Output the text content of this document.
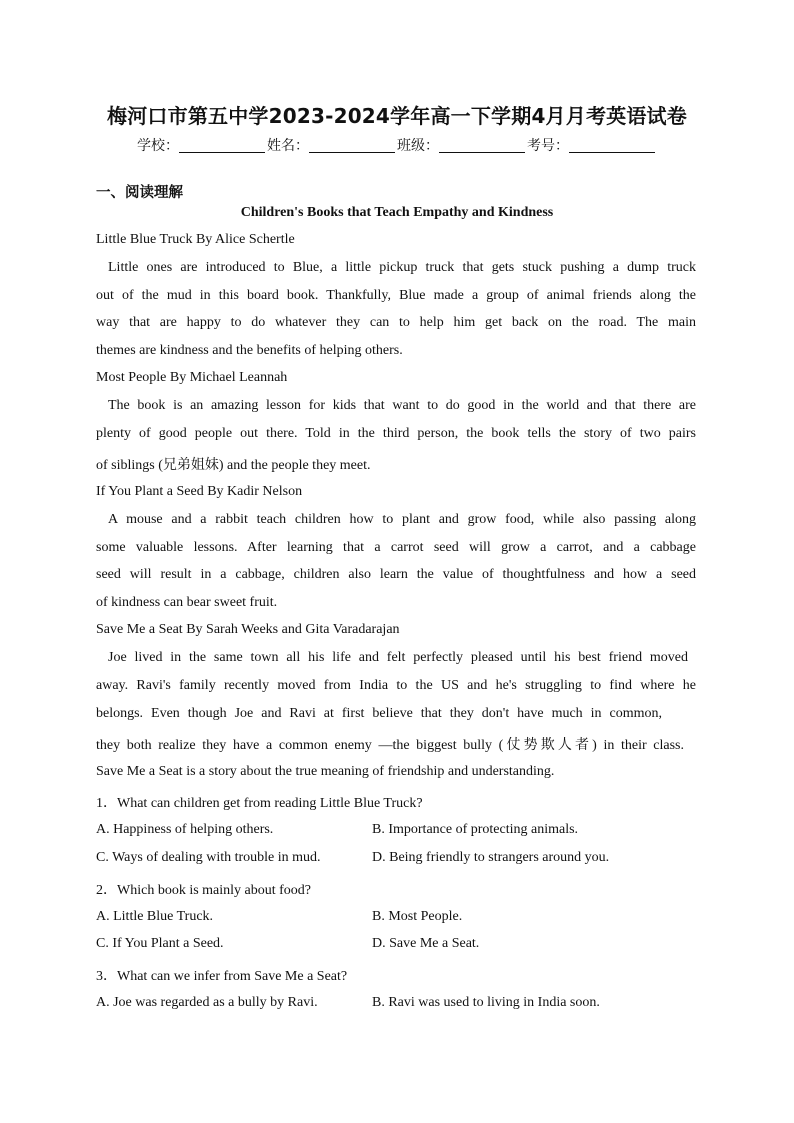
梅河口市第五中学2023-2024学年高一下学期4月月考英语试卷
学校：	姓名：	班级：	考号：
一、阅读理解
Children's Books that Teach Empathy and Kindness
Little Blue Truck By Alice Schertle
Little ones are introduced to Blue, a little pickup truck that gets stuck pushing a dump truck
out of the mud in this board book. Thankfully, Blue made a group of animal friends along the
way that are happy to do whatever they can to help him get back on the road. The main
themes are kindness and the benefits of helping others.
Most People By Michael Leannah
The book is an amazing lesson for kids that want to do good in the world and that there are
plenty of good people out there. Told in the third person, the book tells the story of two pairs
of siblings (兄弟姐妹) and the people they meet.
If You Plant a Seed By Kadir Nelson
A mouse and a rabbit teach children how to plant and grow food, while also passing along
some valuable lessons. After learning that a carrot seed will grow a carrot, and a cabbage
seed will result in a cabbage, children also learn the value of thoughtfulness and how a seed
of kindness can bear sweet fruit.
Save Me a Seat By Sarah Weeks and Gita Varadarajan
Joe lived in the same town all his life and felt perfectly pleased until his best friend moved
away. Ravi's family recently moved from India to the US and he's struggling to find where he
belongs. Even though Joe and Ravi at first believe that they don't have much in common,
they both realize they have a common enemy —the biggest bully (仗势欺人者) in their class.
Save Me a Seat is a story about the true meaning of friendship and understanding.
1．What can children get from reading Little Blue Truck?
A. Happiness of helping others.	B. Importance of protecting animals.
C. Ways of dealing with trouble in mud.	D. Being friendly to strangers around you.
2．Which book is mainly about food?
A. Little Blue Truck.	B. Most People.
C. If You Plant a Seed.	D. Save Me a Seat.
3．What can we infer from Save Me a Seat?
A. Joe was regarded as a bully by Ravi.	B. Ravi was used to living in India soon.
